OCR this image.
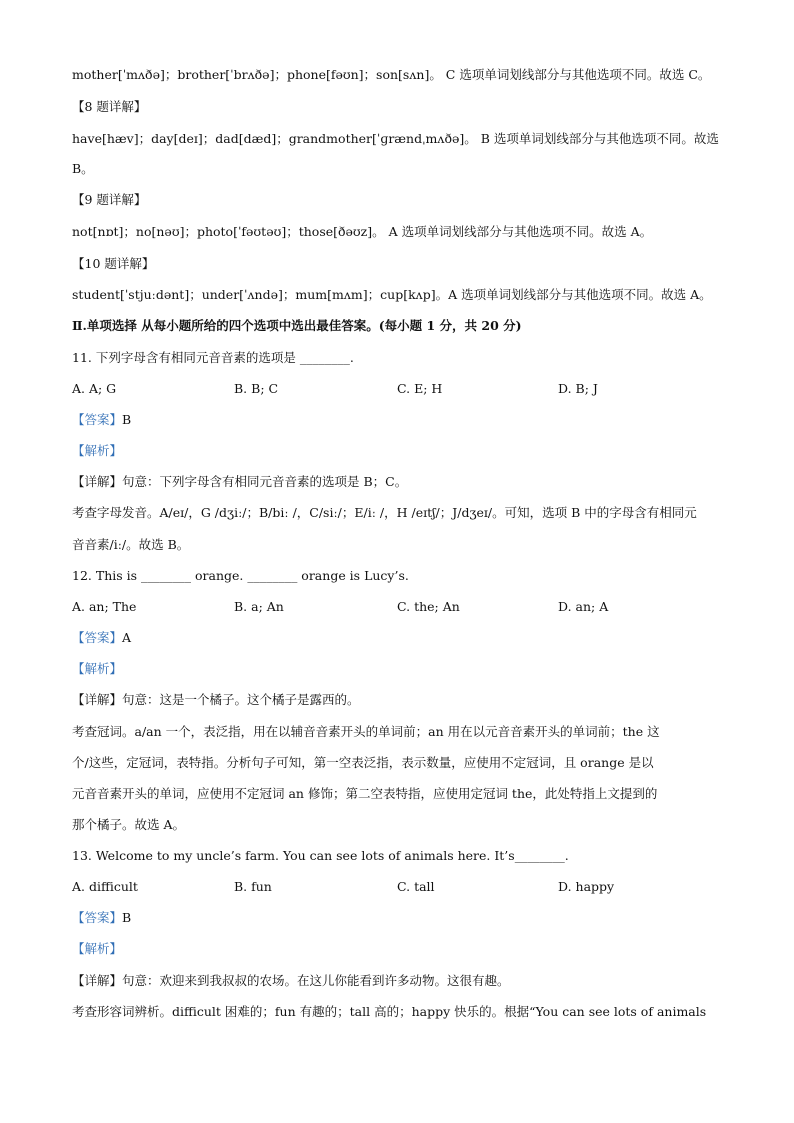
mother[ˈmʌðə]；brother[ˈbrʌðə]；phone[fəʊn]；son[sʌn]。 C 选项单词划线部分与其他选项不同。故选 C。
【8 题详解】
have[hæv]；day[deɪ]；dad[dæd]；grandmother[ˈɡrændˌmʌðə]。 B 选项单词划线部分与其他选项不同。故选
B。
【9 题详解】
not[nɒt]；no[nəʊ]；photo[ˈfəʊtəʊ]；those[ðəʊz]。 A 选项单词划线部分与其他选项不同。故选 A。
【10 题详解】
student[ˈstjuːdənt]；under[ˈʌndə]；mum[mʌm]；cup[kʌp]。A 选项单词划线部分与其他选项不同。故选 A。
Ⅱ.单项选择 从每小题所给的四个选项中选出最佳答案。(每小题 1 分，共 20 分)
11. 下列字母含有相同元音音素的选项是 ________.
A. A; G	B. B; C	C. E; H	D. B; J
【答案】B
【解析】
【详解】句意：下列字母含有相同元音音素的选项是 B；C。
考查字母发音。A/eɪ/，G /dʒiː/；B/biː /，C/siː/；E/iː /，H /eɪtʃ/；J/dʒeɪ/。可知，选项 B 中的字母含有相同元
音音素/iː/。故选 B。
12. This is ________ orange. ________ orange is Lucy’s.
A. an; The	B. a; An	C. the; An	D. an; A
【答案】A
【解析】
【详解】句意：这是一个橘子。这个橘子是露西的。
考查冠词。a/an 一个，表泛指，用在以辅音音素开头的单词前；an 用在以元音音素开头的单词前；the 这
个/这些，定冠词，表特指。分析句子可知，第一空表泛指，表示数量，应使用不定冠词，且 orange 是以
元音音素开头的单词，应使用不定冠词 an 修饰；第二空表特指，应使用定冠词 the，此处特指上文提到的
那个橘子。故选 A。
13. Welcome to my uncle’s farm. You can see lots of animals here. It’s________.
A. difficult	B. fun	C. tall	D. happy
【答案】B
【解析】
【详解】句意：欢迎来到我叔叔的农场。在这儿你能看到许多动物。这很有趣。
考查形容词辨析。difficult 困难的；fun 有趣的；tall 高的；happy 快乐的。根据“You can see lots of animals
